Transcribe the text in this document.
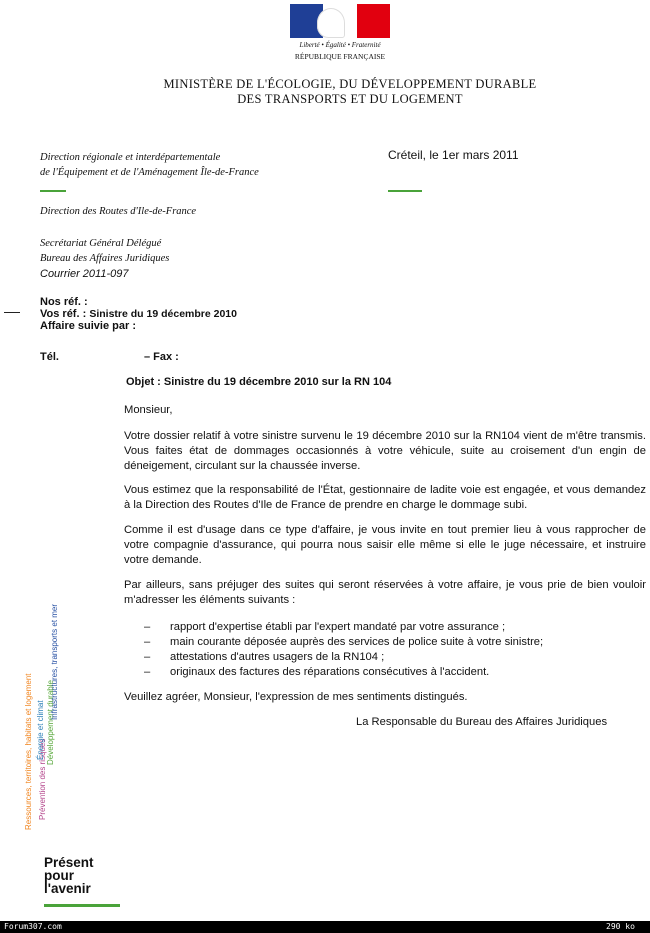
Liberté • Égalité • Fraternité
RÉPUBLIQUE FRANÇAISE
MINISTÈRE DE L'ÉCOLOGIE, DU DÉVELOPPEMENT DURABLE
DES TRANSPORTS ET DU LOGEMENT
Direction régionale et interdépartementale
de l'Équipement et de l'Aménagement Île-de-France
Créteil, le 1er mars 2011
Direction des Routes d'Ile-de-France
Secrétariat Général Délégué
Bureau des Affaires Juridiques
Courrier 2011-097
Nos réf. :
Vos réf. : Sinistre du 19 décembre 2010
Affaire suivie par :
Tél.	– Fax :
Objet : Sinistre du 19 décembre 2010 sur la RN 104
Monsieur,
Votre dossier relatif à votre sinistre survenu le 19 décembre 2010 sur la RN104 vient de m'être transmis. Vous faites état de dommages occasionnés à votre véhicule, suite au croisement d'un engin de déneigement, circulant sur la chaussée inverse.
Vous estimez que la responsabilité de l'État, gestionnaire de ladite voie est engagée, et vous demandez à la Direction des Routes d'Ile de France de prendre en charge le dommage subi.
Comme il est d'usage dans ce type d'affaire, je vous invite en tout premier lieu à vous rapprocher de votre compagnie d'assurance, qui pourra nous saisir elle même si elle le juge nécessaire, et instruire votre demande.
Par ailleurs, sans préjuger des suites qui seront réservées à votre affaire, je vous prie de bien vouloir m'adresser les éléments suivants :
– rapport d'expertise établi par l'expert mandaté par votre assurance ;
– main courante déposée auprès des services de police suite à votre sinistre;
– attestations d'autres usagers de la RN104 ;
– originaux des factures des réparations consécutives à l'accident.
Veuillez agréer, Monsieur, l'expression de mes sentiments distingués.
La Responsable du Bureau des Affaires Juridiques
Ressources, territoires, habitats et logement Prévention des risques
Énergie et climat Développement durable
Infrastructures, transports et mer
Présent
pour
l'avenir
Forum307.com	290 ko
